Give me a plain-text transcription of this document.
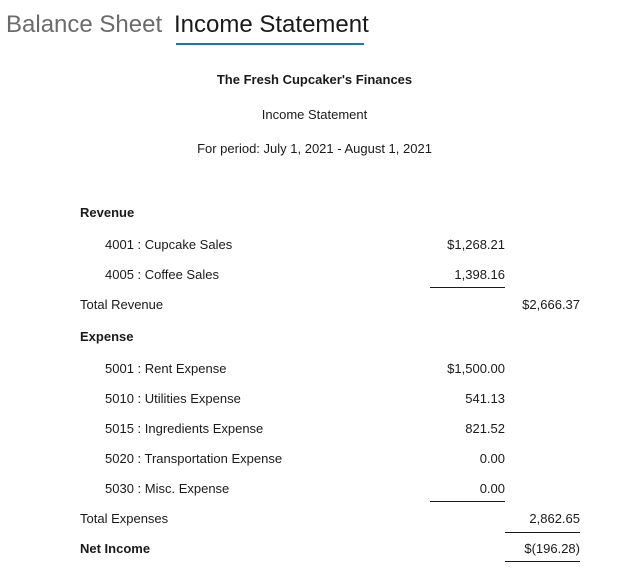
Balance Sheet Income Statement
The Fresh Cupcaker's Finances
Income Statement
For period: July 1, 2021 - August 1, 2021
Revenue
4001 : Cupcake Sales	$1,268.21
4005 : Coffee Sales	1,398.16
Total Revenue	$2,666.37
Expense
5001 : Rent Expense	$1,500.00
5010 : Utilities Expense	541.13
5015 : Ingredients Expense	821.52
5020 : Transportation Expense	0.00
5030 : Misc. Expense	0.00
Total Expenses	2,862.65
Net Income	$(196.28)
